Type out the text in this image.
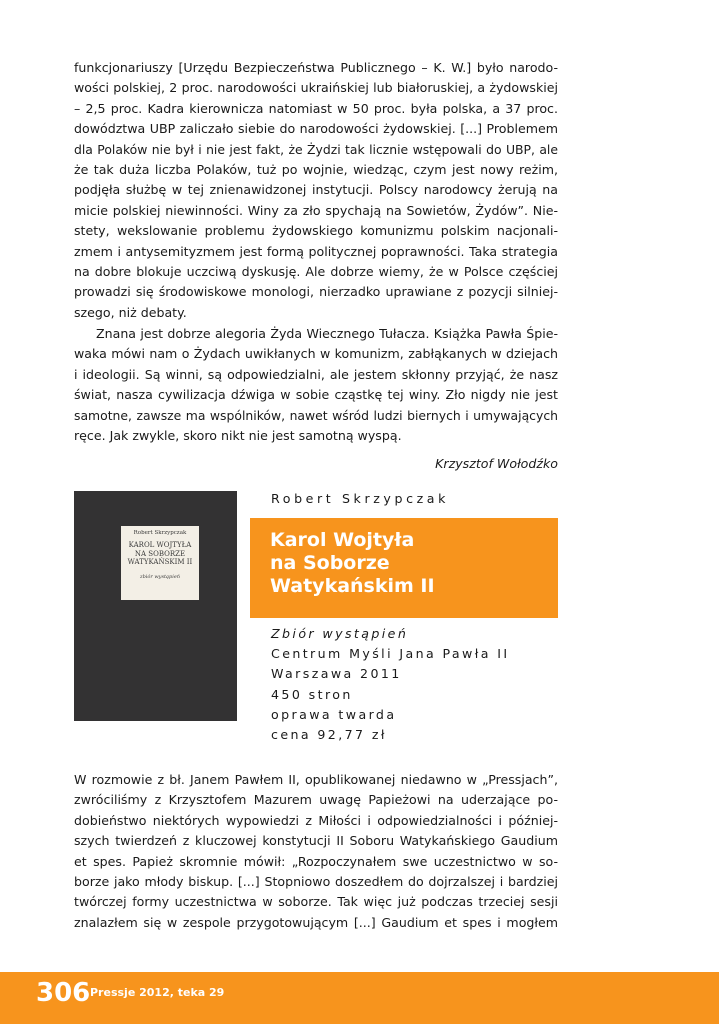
funkcjonariuszy [Urzędu Bezpieczeństwa Publicznego – K. W.] było narodo-
wości polskiej, 2 proc. narodowości ukraińskiej lub białoruskiej, a żydowskiej
– 2,5 proc. Kadra kierownicza natomiast w 50 proc. była polska, a 37 proc.
dowództwa UBP zaliczało siebie do narodowości żydowskiej. [...] Problemem
dla Polaków nie był i nie jest fakt, że Żydzi tak licznie wstępowali do UBP, ale
że tak duża liczba Polaków, tuż po wojnie, wiedząc, czym jest nowy reżim,
podjęła służbę w tej znienawidzonej instytucji. Polscy narodowcy żerują na
micie polskiej niewinności. Winy za zło spychają na Sowietów, Żydów”. Nie-
stety, wekslowanie problemu żydowskiego komunizmu polskim nacjonali-
zmem i antysemityzmem jest formą politycznej poprawności. Taka strategia
na dobre blokuje uczciwą dyskusję. Ale dobrze wiemy, że w Polsce częściej
prowadzi się środowiskowe monologi, nierzadko uprawiane z pozycji silniej-
szego, niż debaty.
Znana jest dobrze alegoria Żyda Wiecznego Tułacza. Książka Pawła Śpie-
waka mówi nam o Żydach uwikłanych w komunizm, zabłąkanych w dziejach
i ideologii. Są winni, są odpowiedzialni, ale jestem skłonny przyjąć, że nasz
świat, nasza cywilizacja dźwiga w sobie cząstkę tej winy. Zło nigdy nie jest
samotne, zawsze ma wspólników, nawet wśród ludzi biernych i umywających
ręce. Jak zwykle, skoro nikt nie jest samotną wyspą.
Krzysztof Wołodźko
Robert Skrzypczak
KAROL WOJTYŁA
NA SOBORZE
WATYKAŃSKIM II
zbiór wystąpień
Robert Skrzypczak
Karol Wojtyła
na Soborze
Watykańskim II
Zbiór wystąpień
Centrum Myśli Jana Pawła II
Warszawa 2011
450 stron
oprawa twarda
cena 92,77 zł
W rozmowie z bł. Janem Pawłem II, opublikowanej niedawno w „Pressjach”,
zwróciliśmy z Krzysztofem Mazurem uwagę Papieżowi na uderzające po-
dobieństwo niektórych wypowiedzi z Miłości i odpowiedzialności i później-
szych twierdzeń z kluczowej konstytucji II Soboru Watykańskiego Gaudium
et spes. Papież skromnie mówił: „Rozpoczynałem swe uczestnictwo w so-
borze jako młody biskup. [...] Stopniowo doszedłem do dojrzalszej i bardziej
twórczej formy uczestnictwa w soborze. Tak więc już podczas trzeciej sesji
znalazłem się w zespole przygotowującym [...] Gaudium et spes i mogłem
306 Pressje 2012, teka 29
